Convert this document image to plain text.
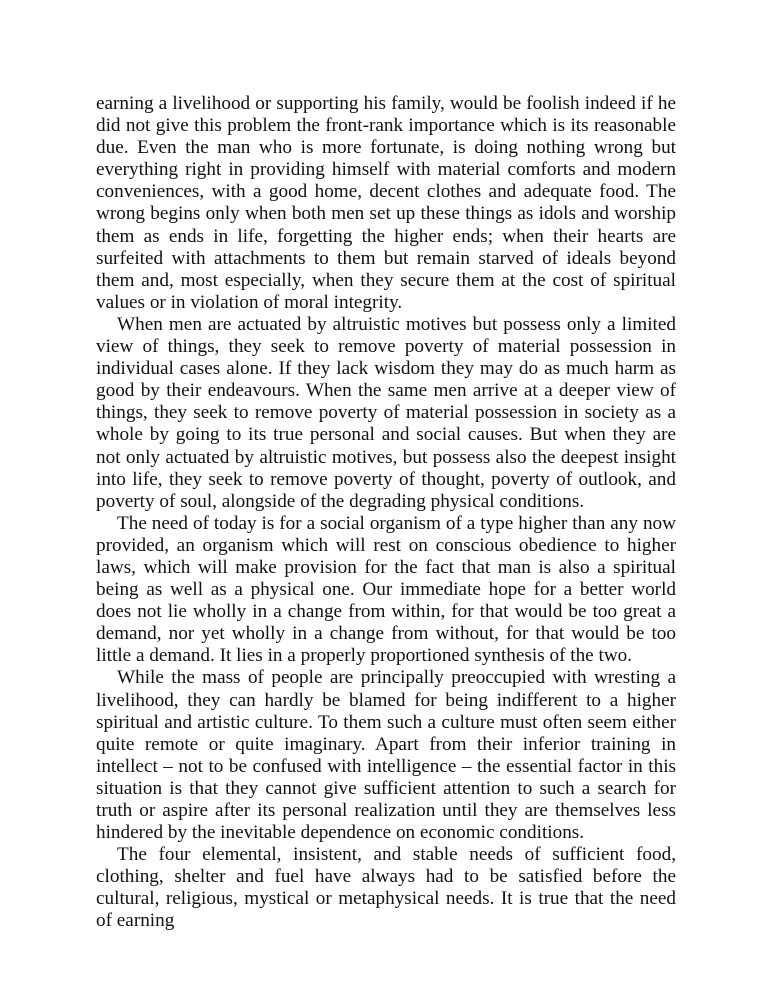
earning a livelihood or supporting his family, would be foolish indeed if he did not give this problem the front-rank importance which is its reasonable due. Even the man who is more fortunate, is doing nothing wrong but everything right in providing himself with material comforts and modern conveniences, with a good home, decent clothes and adequate food. The wrong begins only when both men set up these things as idols and worship them as ends in life, forgetting the higher ends; when their hearts are surfeited with attachments to them but remain starved of ideals beyond them and, most especially, when they secure them at the cost of spiritual values or in violation of moral integrity.

When men are actuated by altruistic motives but possess only a limited view of things, they seek to remove poverty of material possession in individual cases alone. If they lack wisdom they may do as much harm as good by their endeavours. When the same men arrive at a deeper view of things, they seek to remove poverty of material possession in society as a whole by going to its true personal and social causes. But when they are not only actuated by altruistic motives, but possess also the deepest insight into life, they seek to remove poverty of thought, poverty of outlook, and poverty of soul, alongside of the degrading physical conditions.

The need of today is for a social organism of a type higher than any now provided, an organism which will rest on conscious obedience to higher laws, which will make provision for the fact that man is also a spiritual being as well as a physical one. Our immediate hope for a better world does not lie wholly in a change from within, for that would be too great a demand, nor yet wholly in a change from without, for that would be too little a demand. It lies in a properly proportioned synthesis of the two.

While the mass of people are principally preoccupied with wresting a livelihood, they can hardly be blamed for being indifferent to a higher spiritual and artistic culture. To them such a culture must often seem either quite remote or quite imaginary. Apart from their inferior training in intellect – not to be confused with intelligence – the essential factor in this situation is that they cannot give sufficient attention to such a search for truth or aspire after its personal realization until they are themselves less hindered by the inevitable dependence on economic conditions.

The four elemental, insistent, and stable needs of sufficient food, clothing, shelter and fuel have always had to be satisfied before the cultural, religious, mystical or metaphysical needs. It is true that the need of earning
